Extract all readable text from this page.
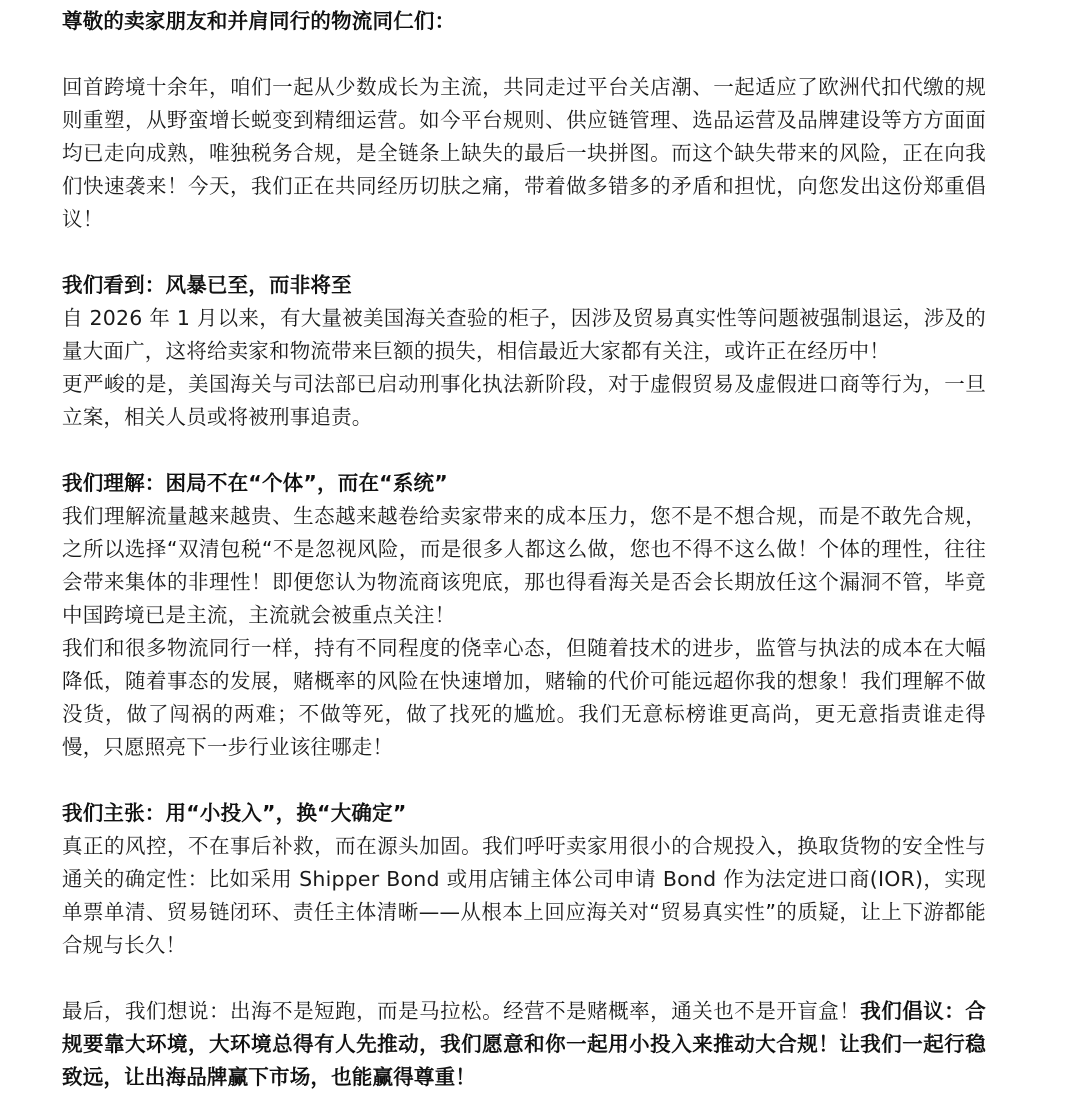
尊敬的卖家朋友和并肩同行的物流同仁们：

回首跨境十余年，咱们一起从少数成长为主流，共同走过平台关店潮、一起适应了欧洲代扣代缴的规则重塑，从野蛮增长蜕变到精细运营。如今平台规则、供应链管理、选品运营及品牌建设等方方面面均已走向成熟，唯独税务合规，是全链条上缺失的最后一块拼图。而这个缺失带来的风险，正在向我们快速袭来！今天，我们正在共同经历切肤之痛，带着做多错多的矛盾和担忧，向您发出这份郑重倡议！

我们看到：风暴已至，而非将至

自 2026 年 1 月以来，有大量被美国海关查验的柜子，因涉及贸易真实性等问题被强制退运，涉及的量大面广，这将给卖家和物流带来巨额的损失，相信最近大家都有关注，或许正在经历中！

更严峻的是，美国海关与司法部已启动刑事化执法新阶段，对于虚假贸易及虚假进口商等行为，一旦立案，相关人员或将被刑事追责。

我们理解：困局不在“个体”，而在“系统”

我们理解流量越来越贵、生态越来越卷给卖家带来的成本压力，您不是不想合规，而是不敢先合规，之所以选择“双清包税“不是忽视风险，而是很多人都这么做，您也不得不这么做！个体的理性，往往会带来集体的非理性！即便您认为物流商该兜底，那也得看海关是否会长期放任这个漏洞不管，毕竟中国跨境已是主流，主流就会被重点关注！

我们和很多物流同行一样，持有不同程度的侥幸心态，但随着技术的进步，监管与执法的成本在大幅降低，随着事态的发展，赌概率的风险在快速增加，赌输的代价可能远超你我的想象！我们理解不做没货，做了闯祸的两难；不做等死，做了找死的尴尬。我们无意标榜谁更高尚，更无意指责谁走得慢，只愿照亮下一步行业该往哪走！

我们主张：用“小投入”，换“大确定”

真正的风控，不在事后补救，而在源头加固。我们呼吁卖家用很小的合规投入，换取货物的安全性与通关的确定性：比如采用 Shipper Bond 或用店铺主体公司申请 Bond 作为法定进口商(IOR)，实现单票单清、贸易链闭环、责任主体清晰——从根本上回应海关对“贸易真实性”的质疑，让上下游都能合规与长久！

最后，我们想说：出海不是短跑，而是马拉松。经营不是赌概率，通关也不是开盲盒！我们倡议：合规要靠大环境，大环境总得有人先推动，我们愿意和你一起用小投入来推动大合规！让我们一起行稳致远，让出海品牌赢下市场，也能赢得尊重！
